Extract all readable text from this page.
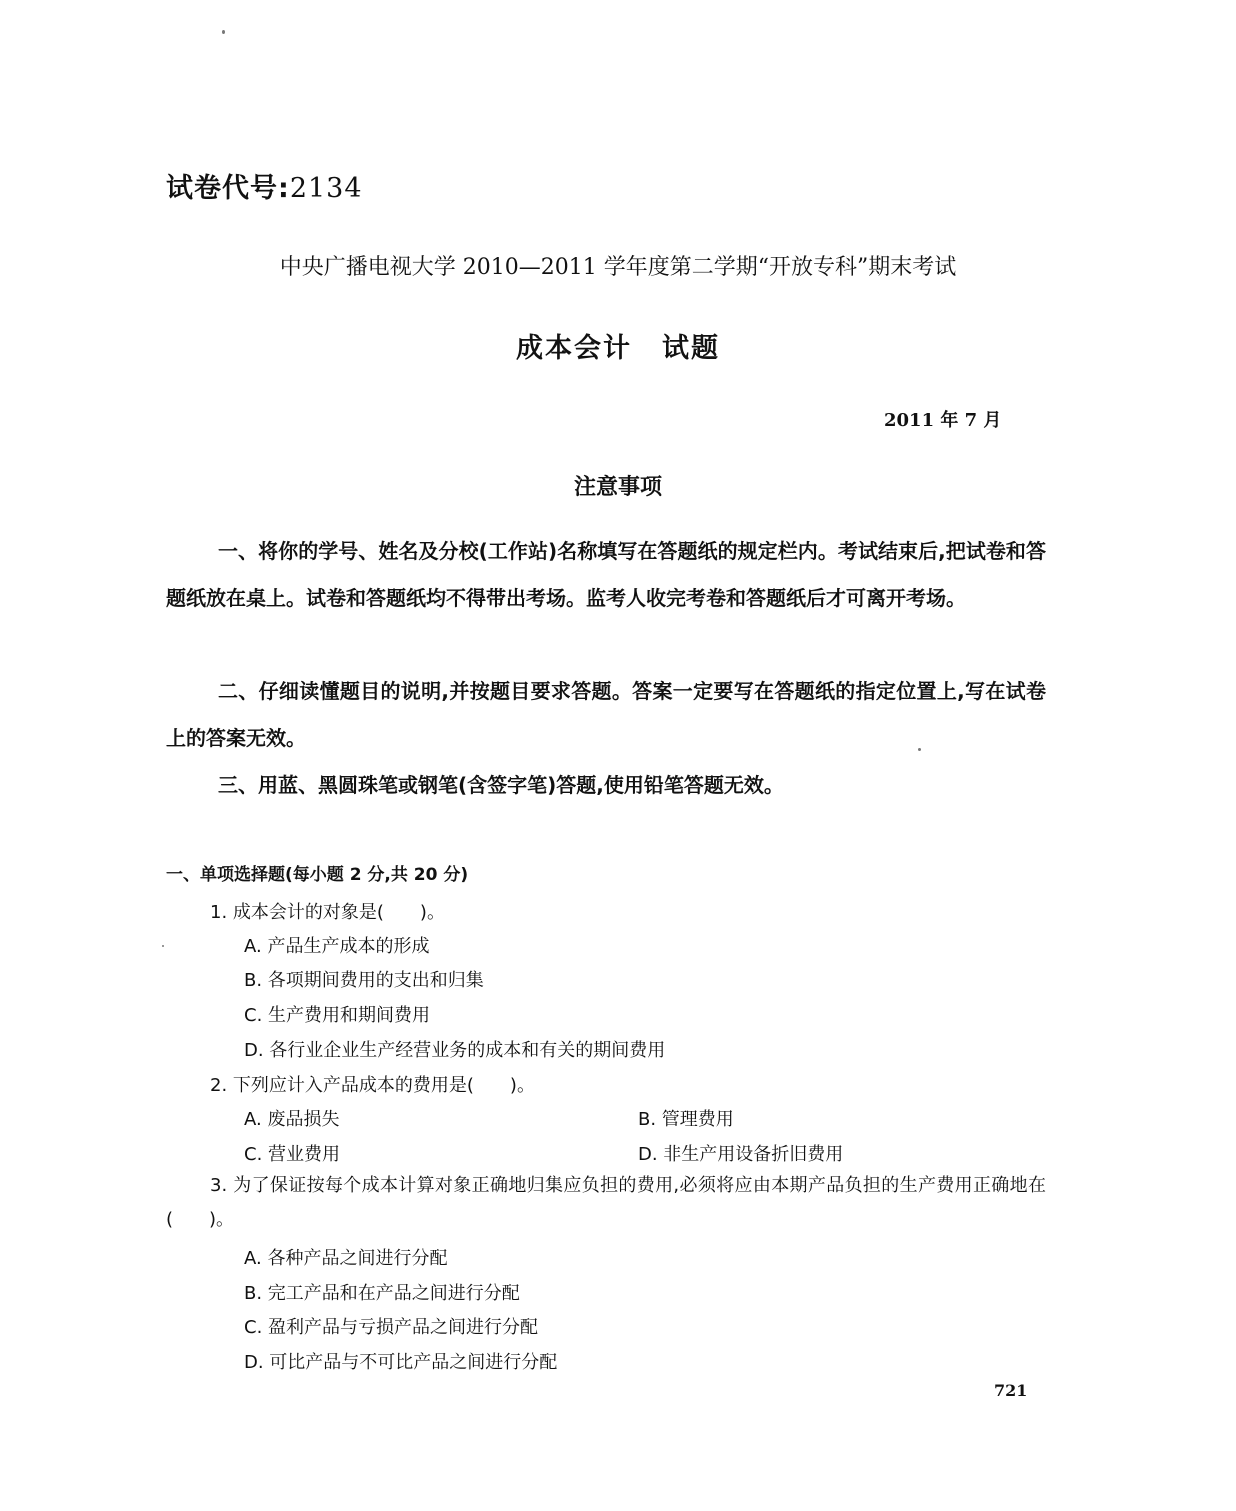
试卷代号:2134
中央广播电视大学 2010—2011 学年度第二学期“开放专科”期末考试
成本会计 试题
2011 年 7 月
注意事项
一、将你的学号、姓名及分校(工作站)名称填写在答题纸的规定栏内。考试结束后,把试卷和答题纸放在桌上。试卷和答题纸均不得带出考场。监考人收完考卷和答题纸后才可离开考场。
二、仔细读懂题目的说明,并按题目要求答题。答案一定要写在答题纸的指定位置上,写在试卷上的答案无效。
三、用蓝、黑圆珠笔或钢笔(含签字笔)答题,使用铅笔答题无效。
一、单项选择题(每小题 2 分,共 20 分)
1. 成本会计的对象是(　　)。
A. 产品生产成本的形成
B. 各项期间费用的支出和归集
C. 生产费用和期间费用
D. 各行业企业生产经营业务的成本和有关的期间费用
2. 下列应计入产品成本的费用是(　　)。
A. 废品损失	B. 管理费用
C. 营业费用	D. 非生产用设备折旧费用
3. 为了保证按每个成本计算对象正确地归集应负担的费用,必须将应由本期产品负担的生产费用正确地在(　　)。
A. 各种产品之间进行分配
B. 完工产品和在产品之间进行分配
C. 盈利产品与亏损产品之间进行分配
D. 可比产品与不可比产品之间进行分配
721
